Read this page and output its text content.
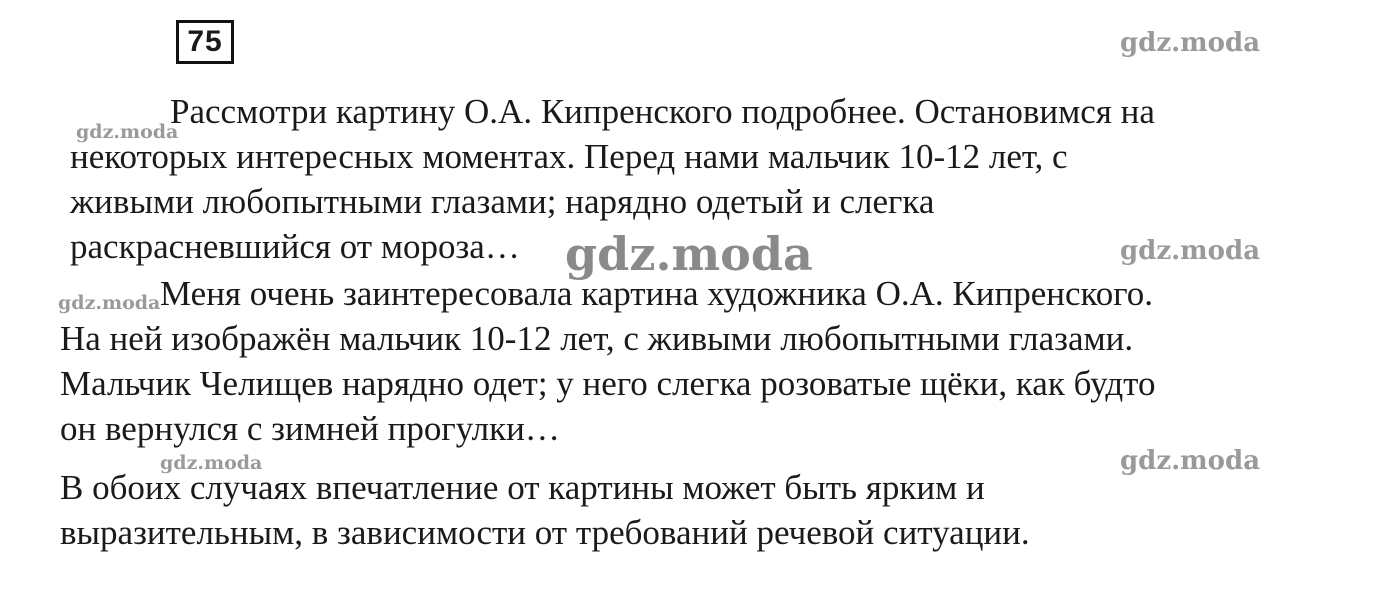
75
Рассмотри картину О.А. Кипренского подробнее. Остановимся на
некоторых интересных моментах. Перед нами мальчик 10-12 лет, с
живыми любопытными глазами; нарядно одетый и слегка
раскрасневшийся от мороза…
Меня очень заинтересовала картина художника О.А. Кипренского.
На ней изображён мальчик 10-12 лет, с живыми любопытными глазами.
Мальчик Челищев нарядно одет; у него слегка розоватые щёки, как будто
он вернулся с зимней прогулки…
В обоих случаях впечатление от картины может быть ярким и
выразительным, в зависимости от требований речевой ситуации.
gdz.moda
gdz.moda
gdz.moda	gdz.moda
gdz.moda
gdz.moda	gdz.moda
